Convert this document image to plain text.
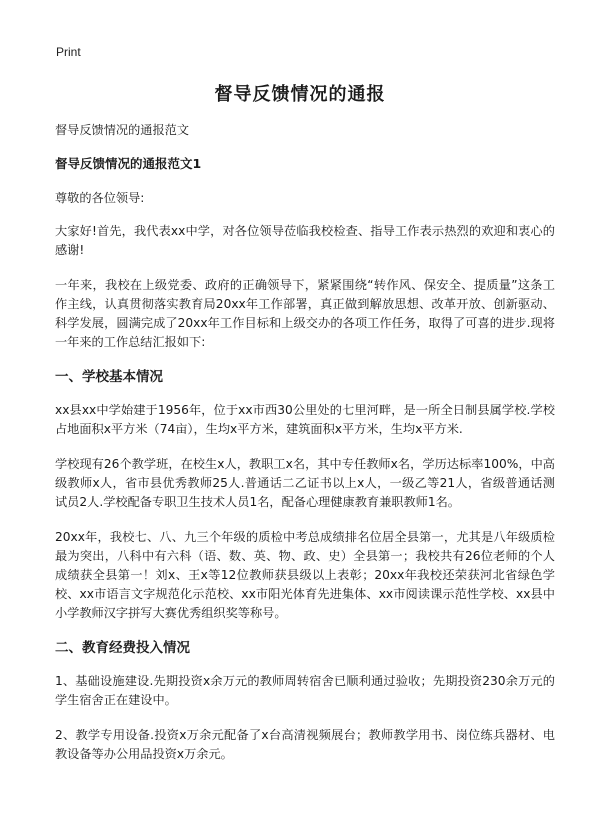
Print
督导反馈情况的通报
督导反馈情况的通报范文
督导反馈情况的通报范文1
尊敬的各位领导:
大家好!首先，我代表xx中学，对各位领导莅临我校检查、指导工作表示热烈的欢迎和衷心的感谢!
一年来，我校在上级党委、政府的正确领导下，紧紧围绕“转作风、保安全、提质量”这条工作主线，认真贯彻落实教育局20xx年工作部署，真正做到解放思想、改革开放、创新驱动、科学发展，圆满完成了20xx年工作目标和上级交办的各项工作任务，取得了可喜的进步.现将一年来的工作总结汇报如下:
一、学校基本情况
xx县xx中学始建于1956年，位于xx市西30公里处的七里河畔，是一所全日制县属学校.学校占地面积x平方米（74亩），生均x平方米，建筑面积x平方米，生均x平方米.
学校现有26个教学班，在校生x人，教职工x名，其中专任教师x名，学历达标率100%，中高级教师x人，省市县优秀教师25人.普通话二乙证书以上x人，一级乙等21人，省级普通话测试员2人.学校配备专职卫生技术人员1名，配备心理健康教育兼职教师1名。
20xx年，我校七、八、九三个年级的质检中考总成绩排名位居全县第一，尤其是八年级质检最为突出，八科中有六科（语、数、英、物、政、史）全县第一；我校共有26位老师的个人成绩获全县第一！刘x、王x等12位教师获县级以上表彰；20xx年我校还荣获河北省绿色学校、xx市语言文字规范化示范校、xx市阳光体育先进集体、xx市阅读课示范性学校、xx县中小学教师汉字拼写大赛优秀组织奖等称号。
二、教育经费投入情况
1、基础设施建设.先期投资x余万元的教师周转宿舍已顺利通过验收；先期投资230余万元的学生宿舍正在建设中。
2、教学专用设备.投资x万余元配备了x台高清视频展台；教师教学用书、岗位练兵器材、电教设备等办公用品投资x万余元。
